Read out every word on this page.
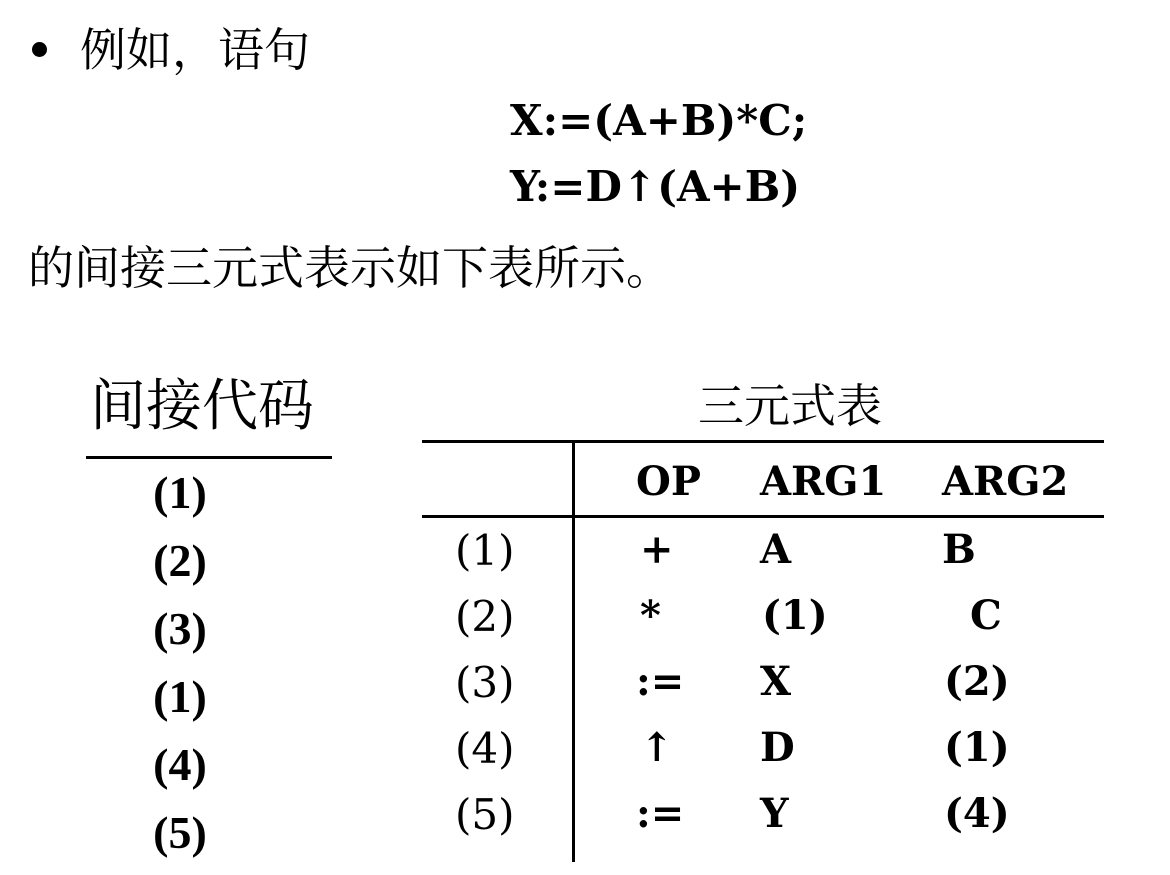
例如，语句
X:=(A+B)*C;
Y:=D↑(A+B)
的间接三元式表示如下表所示。
间接代码
(1)
(2)
(3)
(1)
(4)
(5)
三元式表
OP ARG1 ARG2
(1)	+ A	B
(2)	*	(1)	C
(3)	:= X	(2)
(4)	↑ D	(1)
(5)	:= Y	(4)
